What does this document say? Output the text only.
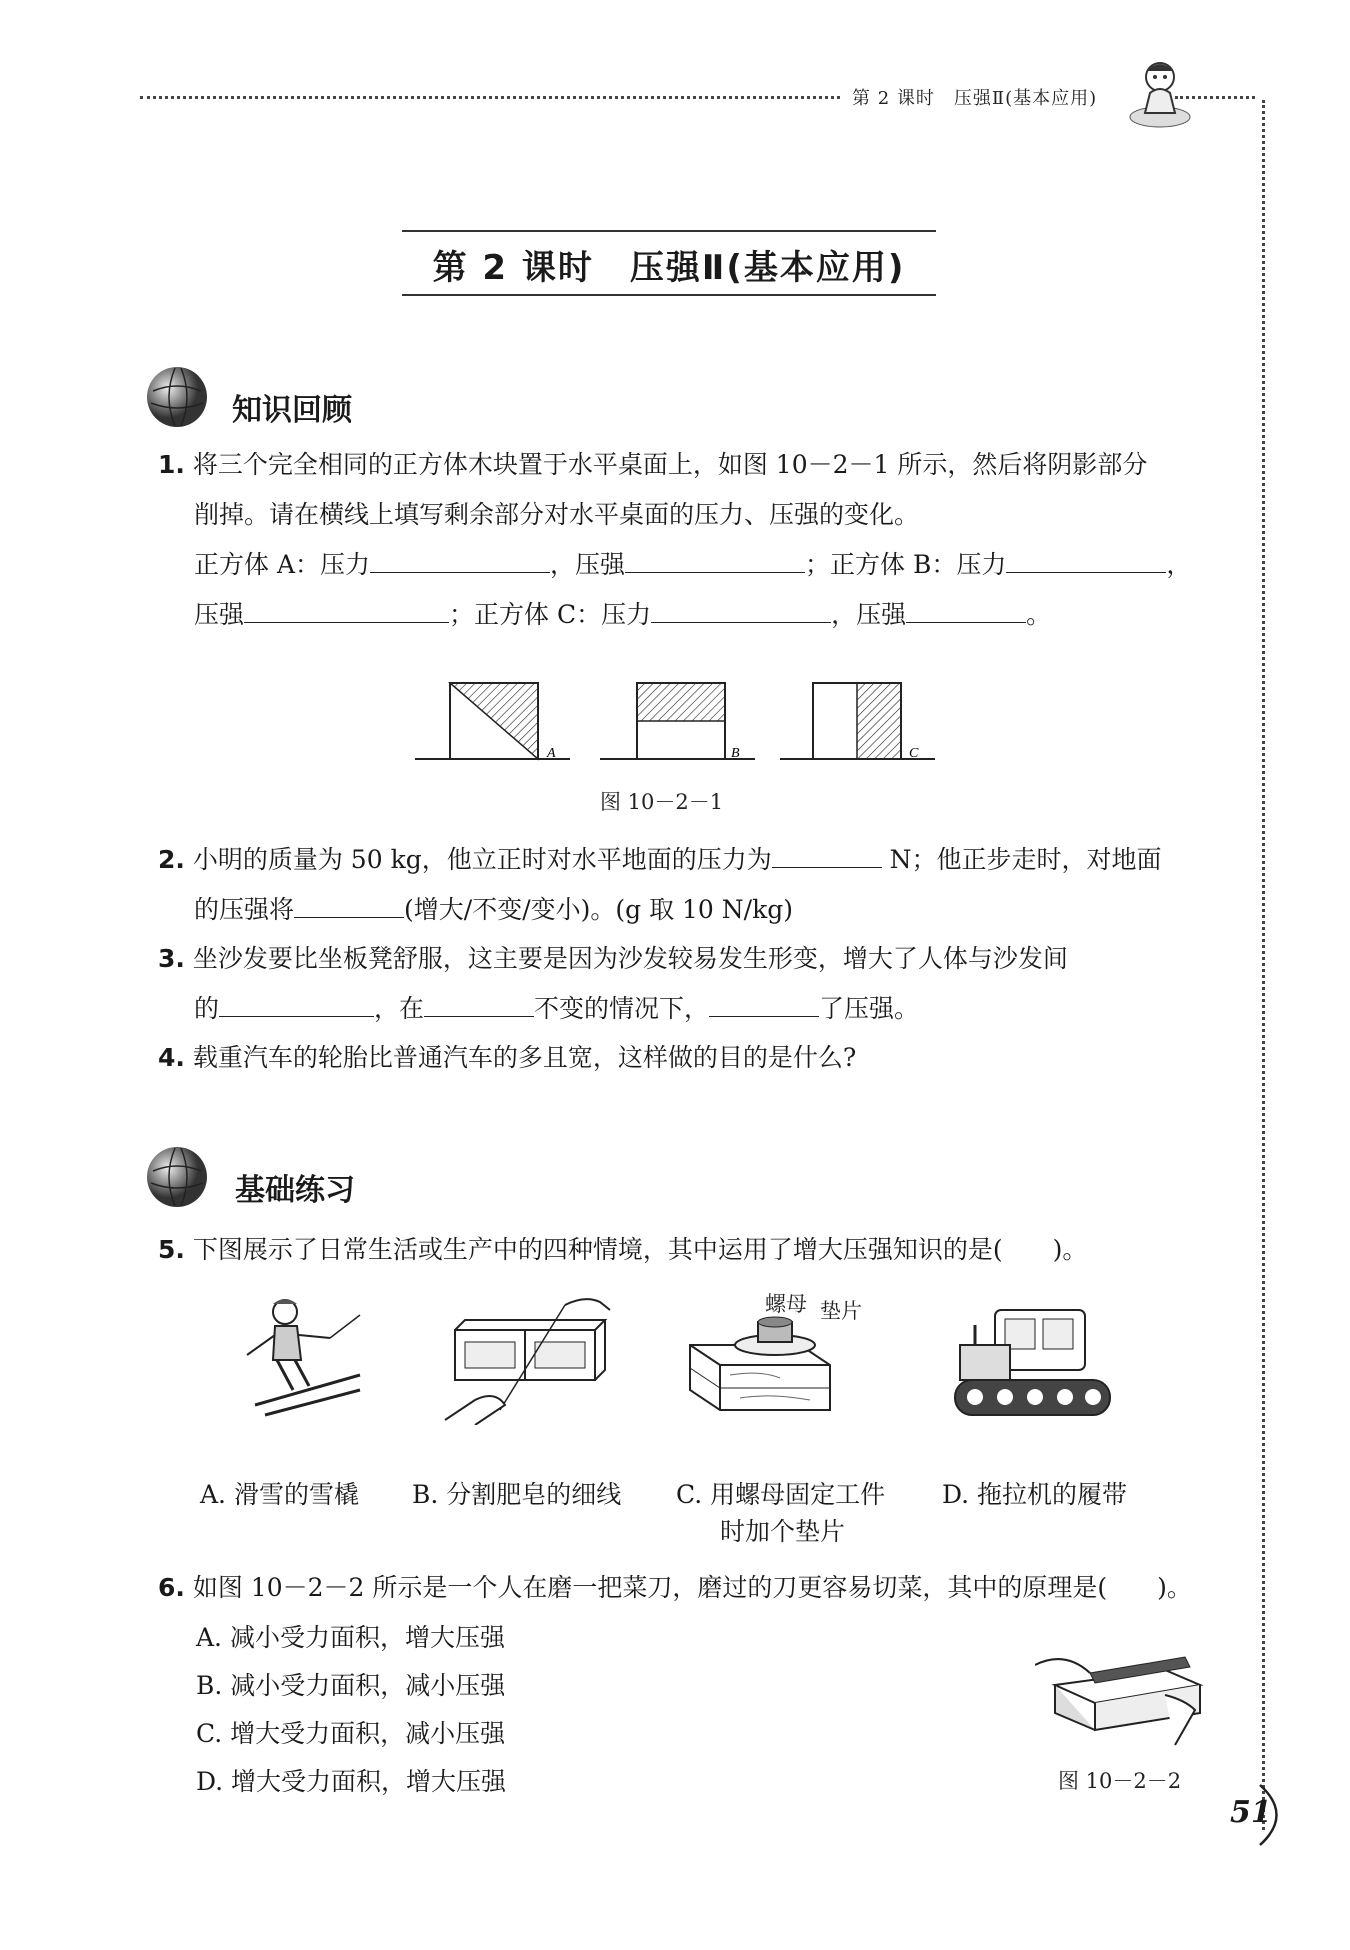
第 2 课时　压强Ⅱ(基本应用)
第 2 课时　压强Ⅱ(基本应用)
知识回顾
1. 将三个完全相同的正方体木块置于水平桌面上，如图 10－2－1 所示，然后将阴影部分
削掉。请在横线上填写剩余部分对水平桌面的压力、压强的变化。
正方体 A：压力	，压强	；正方体 B：压力	，
压强	；正方体 C：压力	，压强	。
A	B	C
图 10－2－1
2. 小明的质量为 50 kg，他立正时对水平地面的压力为	N；他正步走时，对地面
的压强将	(增大/不变/变小)。(g 取 10 N/kg)
3. 坐沙发要比坐板凳舒服，这主要是因为沙发较易发生形变，增大了人体与沙发间
的	，在	不变的情况下，	了压强。
4. 载重汽车的轮胎比普通汽车的多且宽，这样做的目的是什么?
基础练习
5. 下图展示了日常生活或生产中的四种情境，其中运用了增大压强知识的是(　　)。
螺母 垫片
A. 滑雪的雪橇 B. 分割肥皂的细线 C. 用螺母固定工件
时加个垫片
D. 拖拉机的履带
6. 如图 10－2－2 所示是一个人在磨一把菜刀，磨过的刀更容易切菜，其中的原理是(　　)。
A. 减小受力面积，增大压强
B. 减小受力面积，减小压强
C. 增大受力面积，减小压强
D. 增大受力面积，增大压强	图 10－2－2
51
